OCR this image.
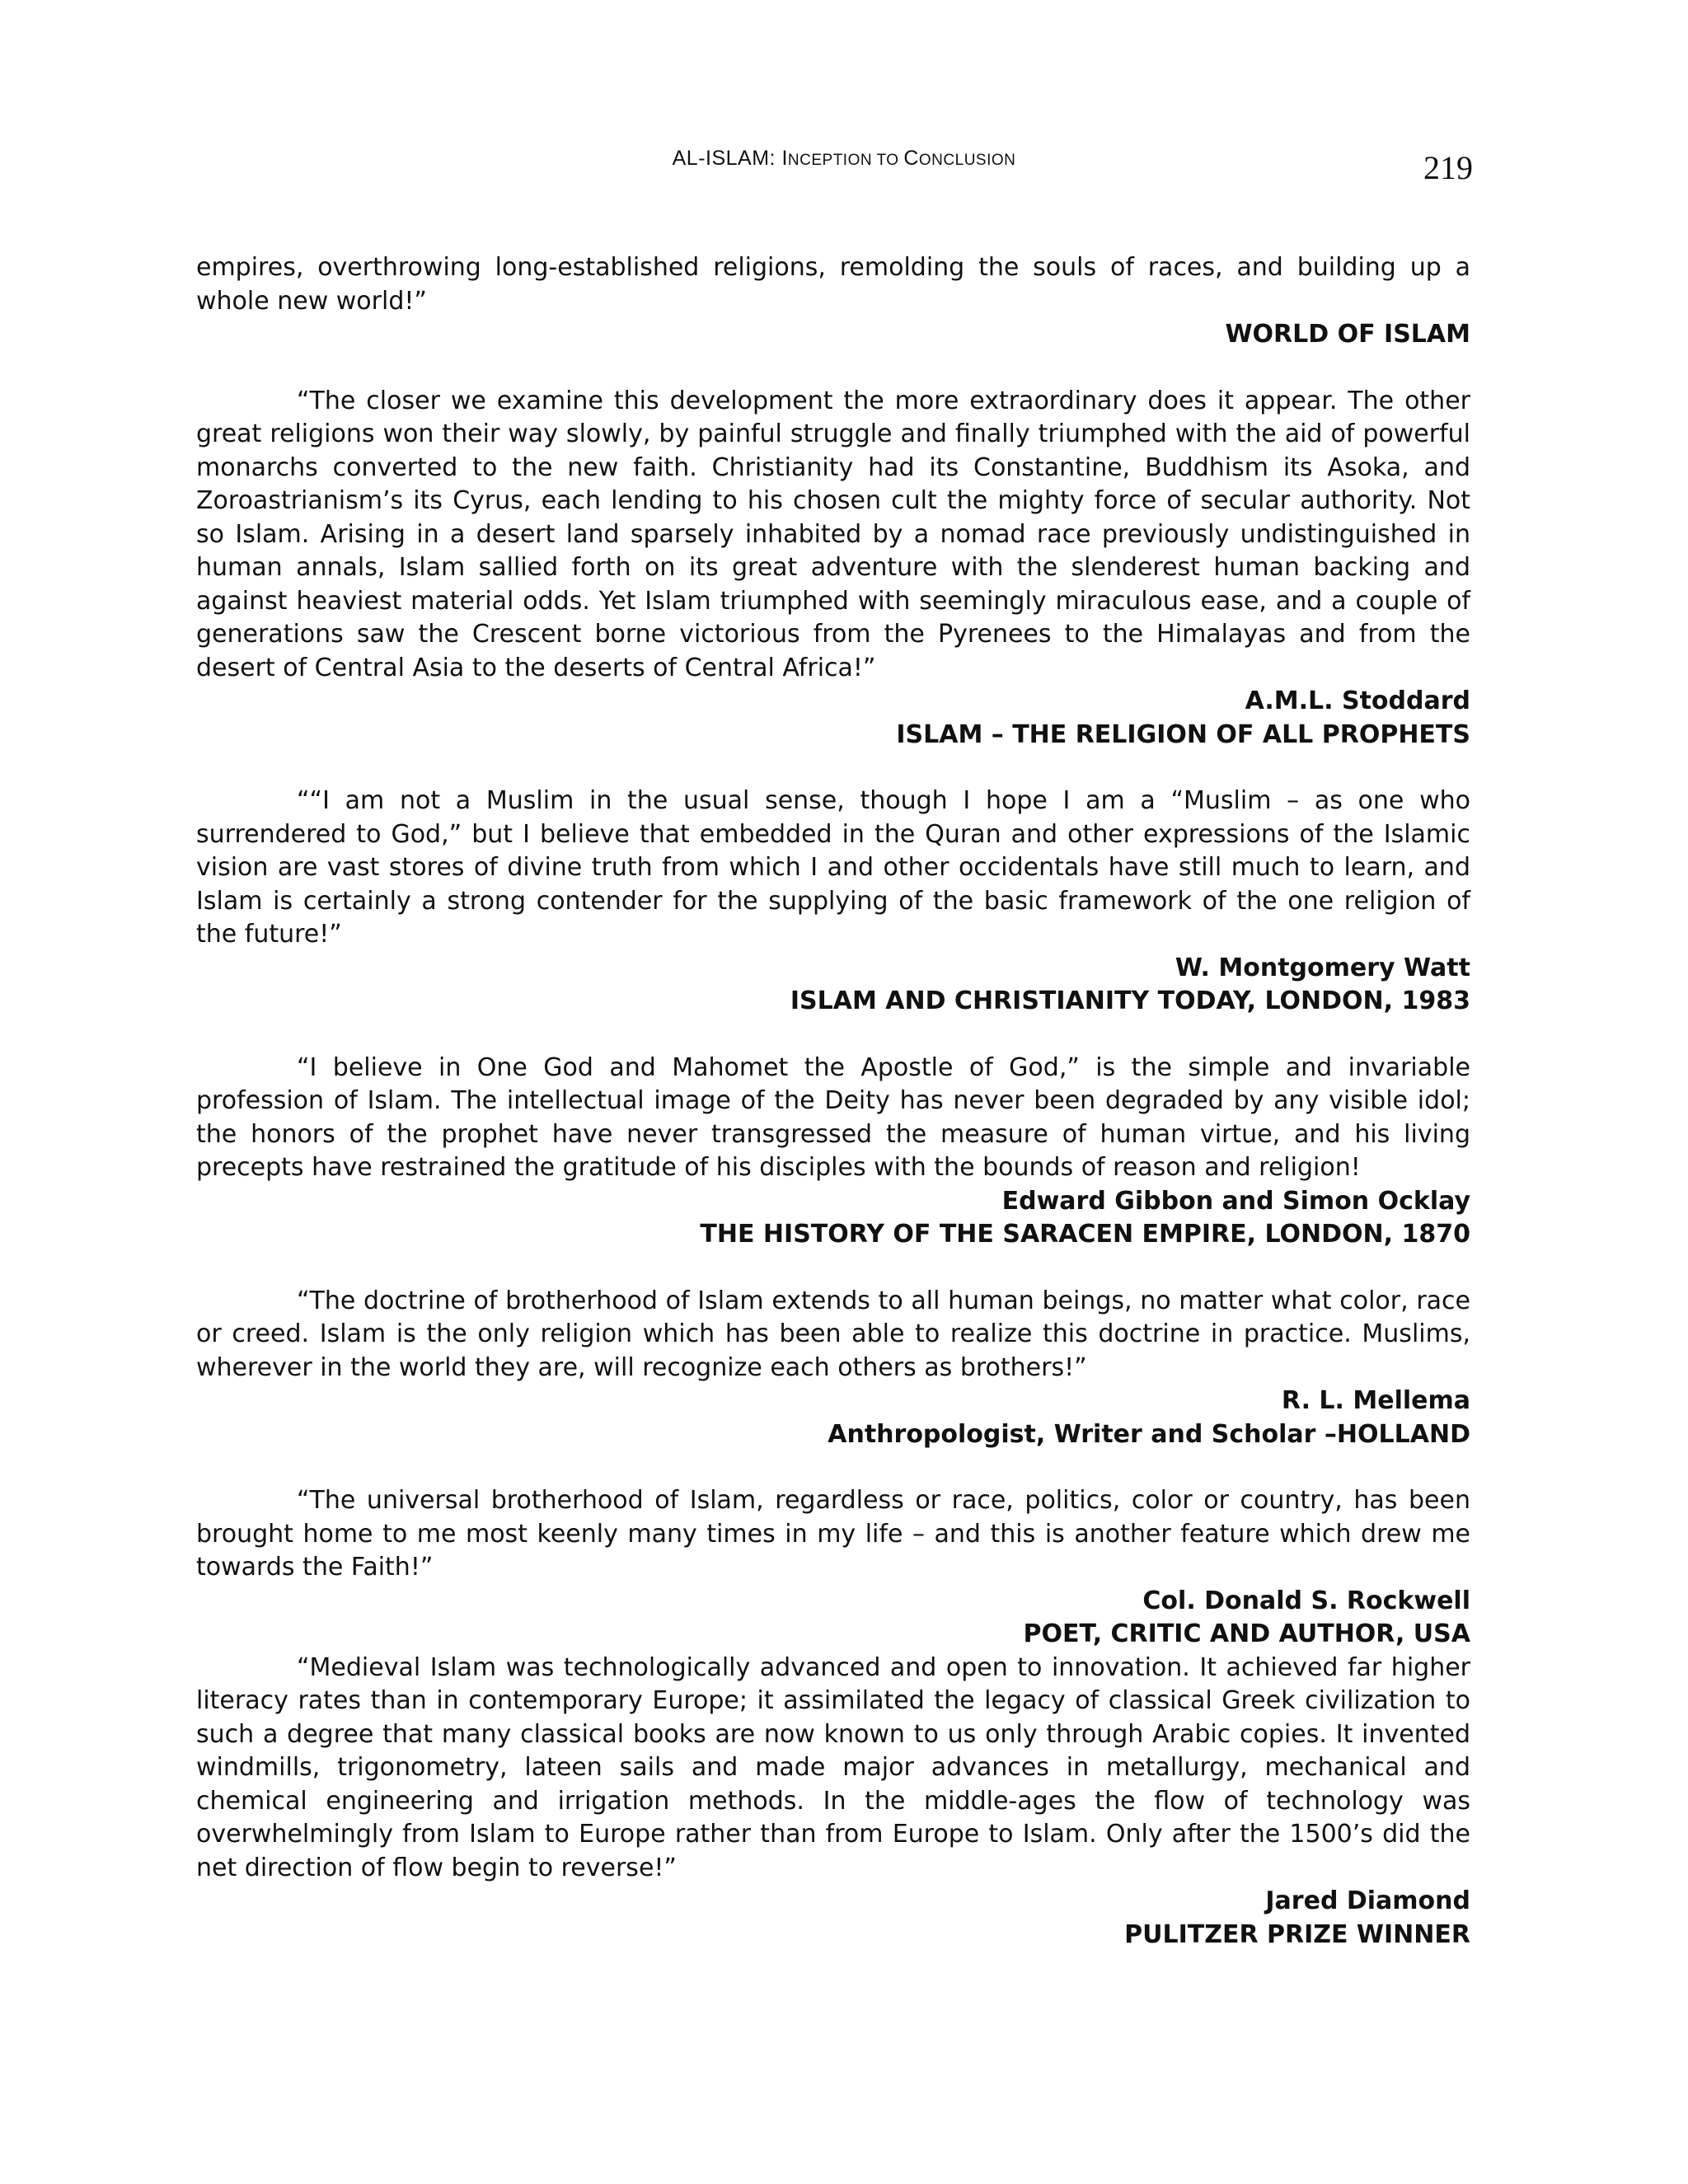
AL-ISLAM: INCEPTION TO CONCLUSION	219

empires, overthrowing long-established religions, remolding the souls of races, and building up a whole new world!”

WORLD OF ISLAM

“The closer we examine this development the more extraordinary does it appear. The other great religions won their way slowly, by painful struggle and finally triumphed with the aid of powerful monarchs converted to the new faith. Christianity had its Constantine, Buddhism its Asoka, and Zoroastrianism’s its Cyrus, each lending to his chosen cult the mighty force of secular authority. Not so Islam. Arising in a desert land sparsely inhabited by a nomad race previously undistinguished in human annals, Islam sallied forth on its great adventure with the slenderest human backing and against heaviest material odds. Yet Islam triumphed with seemingly miraculous ease, and a couple of generations saw the Crescent borne victorious from the Pyrenees to the Himalayas and from the desert of Central Asia to the deserts of Central Africa!”

A.M.L. Stoddard

ISLAM – THE RELIGION OF ALL PROPHETS

““I am not a Muslim in the usual sense, though I hope I am a “Muslim – as one who surrendered to God,” but I believe that embedded in the Quran and other expressions of the Islamic vision are vast stores of divine truth from which I and other occidentals have still much to learn, and Islam is certainly a strong contender for the supplying of the basic framework of the one religion of the future!”

W. Montgomery Watt

ISLAM AND CHRISTIANITY TODAY, LONDON, 1983

“I believe in One God and Mahomet the Apostle of God,” is the simple and invariable profession of Islam. The intellectual image of the Deity has never been degraded by any visible idol; the honors of the prophet have never transgressed the measure of human virtue, and his living precepts have restrained the gratitude of his disciples with the bounds of reason and religion!

Edward Gibbon and Simon Ocklay

THE HISTORY OF THE SARACEN EMPIRE, LONDON, 1870

“The doctrine of brotherhood of Islam extends to all human beings, no matter what color, race or creed. Islam is the only religion which has been able to realize this doctrine in practice. Muslims, wherever in the world they are, will recognize each others as brothers!”

R. L. Mellema

Anthropologist, Writer and Scholar –HOLLAND

“The universal brotherhood of Islam, regardless or race, politics, color or country, has been brought home to me most keenly many times in my life – and this is another feature which drew me towards the Faith!”

Col. Donald S. Rockwell

POET, CRITIC AND AUTHOR, USA

“Medieval Islam was technologically advanced and open to innovation. It achieved far higher literacy rates than in contemporary Europe; it assimilated the legacy of classical Greek civilization to such a degree that many classical books are now known to us only through Arabic copies. It invented windmills, trigonometry, lateen sails and made major advances in metallurgy, mechanical and chemical engineering and irrigation methods. In the middle-ages the flow of technology was overwhelmingly from Islam to Europe rather than from Europe to Islam. Only after the 1500’s did the net direction of flow begin to reverse!”

Jared Diamond

PULITZER PRIZE WINNER
